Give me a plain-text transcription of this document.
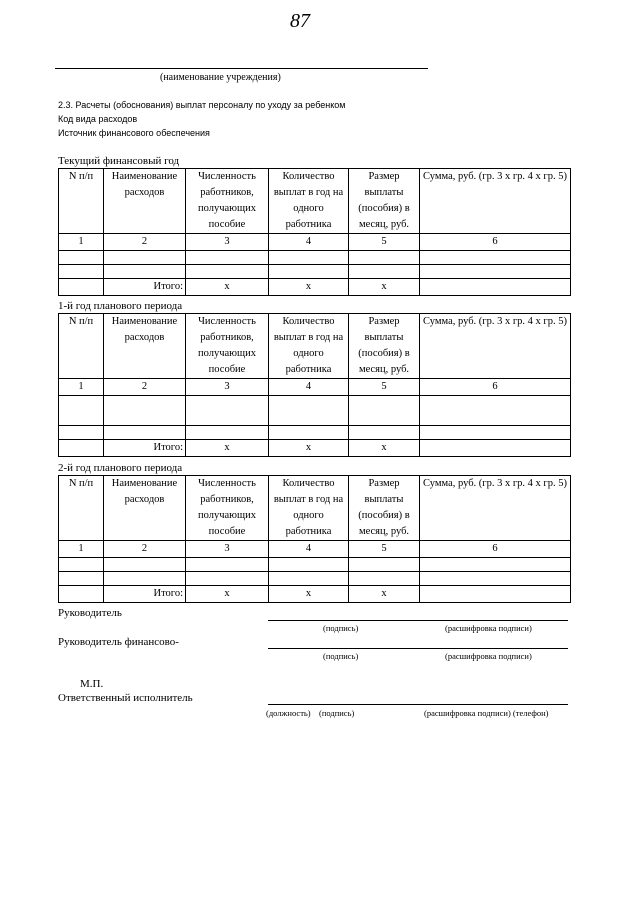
87
(наименование учреждения)
2.3. Расчеты (обоснования) выплат персоналу по уходу за ребенком
Код вида расходов
Источник финансового обеспечения
Текущий финансовый год
N п/п	Наименование расходов	Численность работников, получающих пособие	Количество выплат в год на одного работника	Размер выплаты (пособия) в месяц, руб.	Сумма, руб. (гр. 3 x гр. 4 x гр. 5)
1	2	3	4	5	6

	Итого:	x	x	x	
1-й год планового периода
N п/п	Наименование расходов	Численность работников, получающих пособие	Количество выплат в год на одного работника	Размер выплаты (пособия) в месяц, руб.	Сумма, руб. (гр. 3 x гр. 4 x гр. 5)
1	2	3	4	5	6

	Итого:	x	x	x	
2-й год планового периода
N п/п	Наименование расходов	Численность работников, получающих пособие	Количество выплат в год на одного работника	Размер выплаты (пособия) в месяц, руб.	Сумма, руб. (гр. 3 x гр. 4 x гр. 5)
1	2	3	4	5	6

	Итого:	x	x	x	
Руководитель
(подпись)	(расшифровка подписи)
Руководитель финансово-
(подпись)	(расшифровка подписи)
М.П.
Ответственный исполнитель
(должность) (подпись)	(расшифровка подписи) (телефон)
